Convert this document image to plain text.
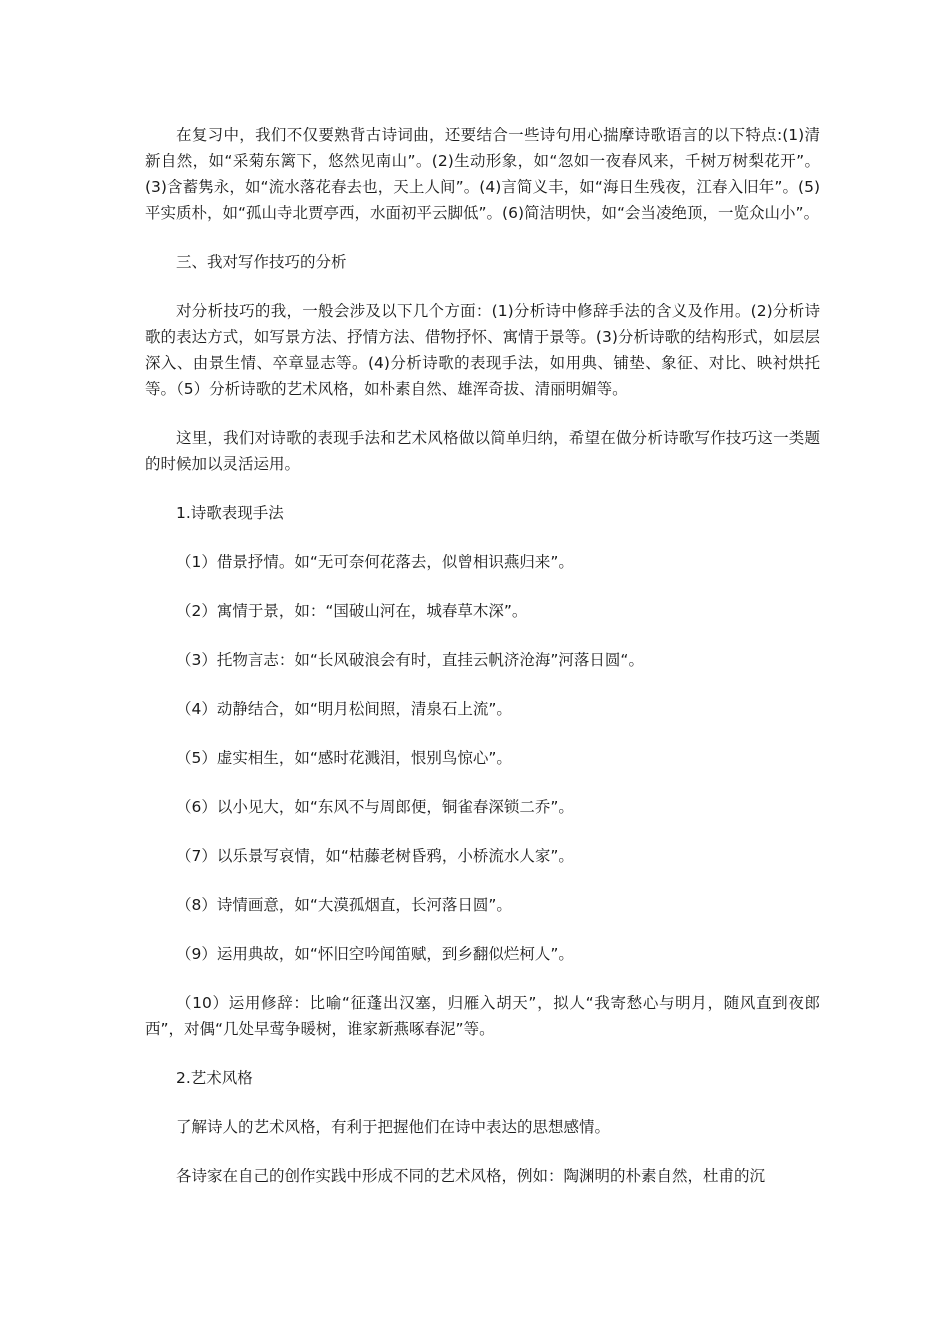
在复习中，我们不仅要熟背古诗词曲，还要结合一些诗句用心揣摩诗歌语言的以下特点:(1)清新自然，如“采菊东篱下，悠然见南山”。(2)生动形象，如“忽如一夜春风来，千树万树梨花开”。(3)含蓄隽永，如“流水落花春去也，天上人间”。(4)言简义丰，如“海日生残夜，江春入旧年”。(5)平实质朴，如“孤山寺北贾亭西，水面初平云脚低”。(6)简洁明快，如“会当凌绝顶，一览众山小”。

三、我对写作技巧的分析

对分析技巧的我，一般会涉及以下几个方面：(1)分析诗中修辞手法的含义及作用。(2)分析诗歌的表达方式，如写景方法、抒情方法、借物抒怀、寓情于景等。(3)分析诗歌的结构形式，如层层深入、由景生情、卒章显志等。(4)分析诗歌的表现手法，如用典、铺垫、象征、对比、映衬烘托等。（5）分析诗歌的艺术风格，如朴素自然、雄浑奇拔、清丽明媚等。

这里，我们对诗歌的表现手法和艺术风格做以简单归纳，希望在做分析诗歌写作技巧这一类题的时候加以灵活运用。

1.诗歌表现手法

（1）借景抒情。如“无可奈何花落去，似曾相识燕归来”。

（2）寓情于景，如：“国破山河在，城春草木深”。

（3）托物言志：如“长风破浪会有时，直挂云帆济沧海”河落日圆“。

（4）动静结合，如“明月松间照，清泉石上流”。

（5）虚实相生，如“感时花溅泪，恨别鸟惊心”。

（6）以小见大，如“东风不与周郎便，铜雀春深锁二乔”。

（7）以乐景写哀情，如“枯藤老树昏鸦，小桥流水人家”。

（8）诗情画意，如“大漠孤烟直，长河落日圆”。

（9）运用典故，如“怀旧空吟闻笛赋，到乡翻似烂柯人”。

（10）运用修辞：比喻“征蓬出汉塞，归雁入胡天”，拟人“我寄愁心与明月，随风直到夜郎西”，对偶“几处早莺争暖树，谁家新燕啄春泥”等。

2.艺术风格

了解诗人的艺术风格，有利于把握他们在诗中表达的思想感情。

各诗家在自己的创作实践中形成不同的艺术风格，例如：陶渊明的朴素自然，杜甫的沉
